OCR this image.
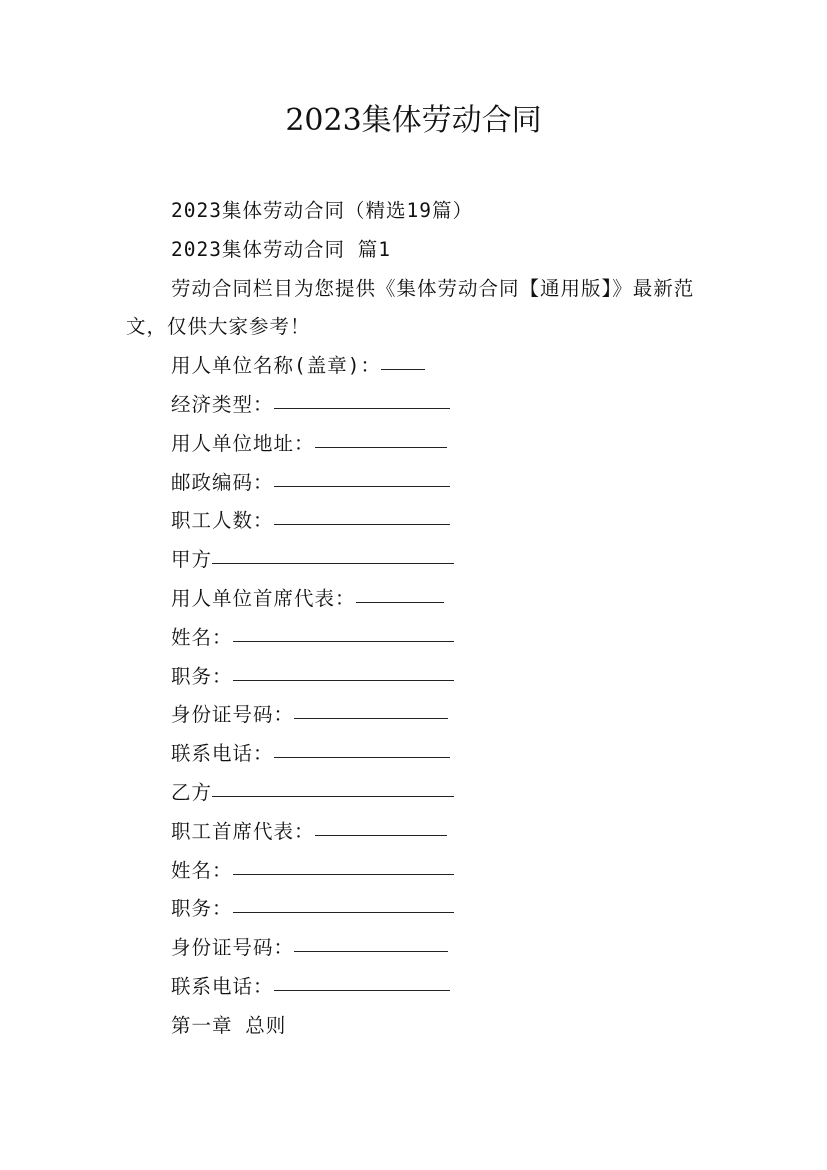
2023集体劳动合同
2023集体劳动合同（精选19篇）
2023集体劳动合同 篇1
劳动合同栏目为您提供《集体劳动合同【通用版】》最新范文，仅供大家参考！
用人单位名称(盖章)：
经济类型：
用人单位地址：
邮政编码：
职工人数：
甲方
用人单位首席代表：
姓名：
职务：
身份证号码：
联系电话：
乙方
职工首席代表：
姓名：
职务：
身份证号码：
联系电话：
第一章 总则
